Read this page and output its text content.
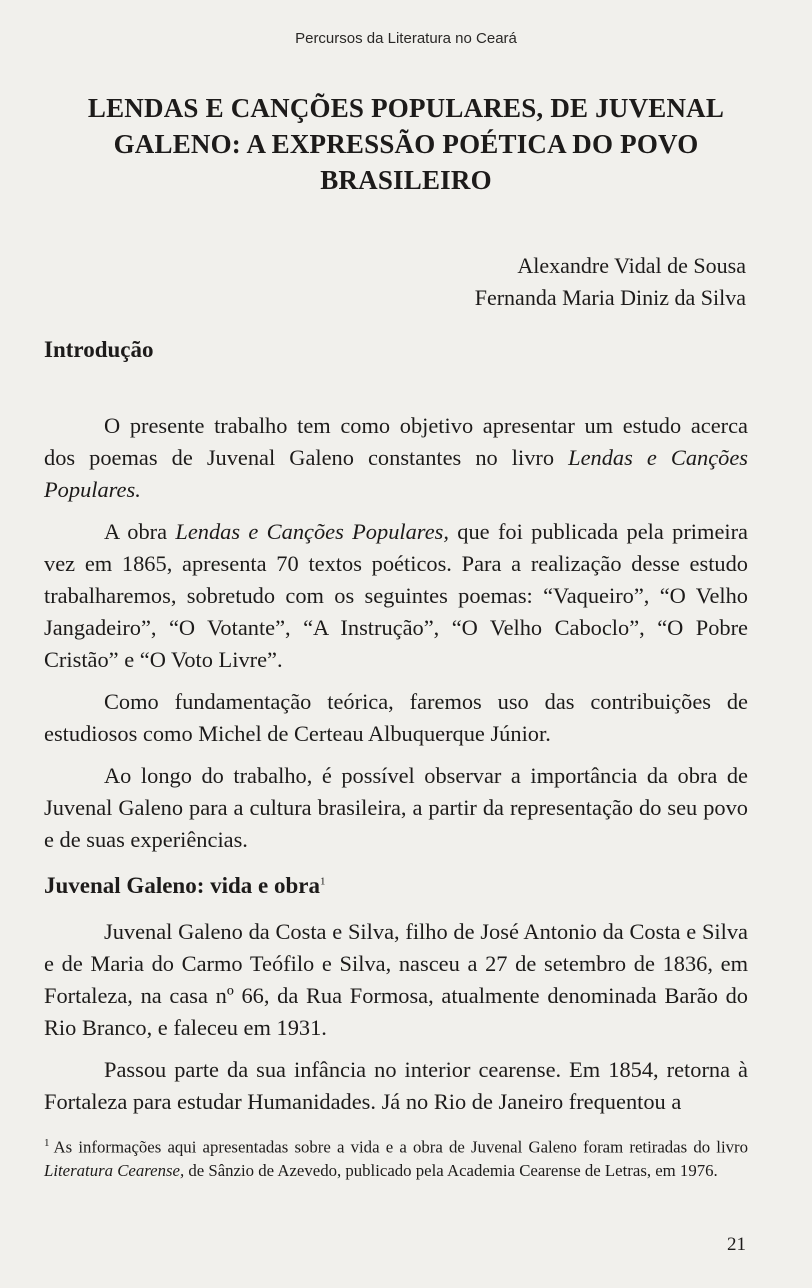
Percursos da Literatura no Ceará
LENDAS E CANÇÕES POPULARES, DE JUVENAL
GALENO: A EXPRESSÃO POÉTICA DO POVO
BRASILEIRO
Alexandre Vidal de Sousa
Fernanda Maria Diniz da Silva
Introdução

O presente trabalho tem como objetivo apresentar um estudo acerca dos poemas de Juvenal Galeno constantes no livro Lendas e Canções Populares.

A obra Lendas e Canções Populares, que foi publicada pela primeira vez em 1865, apresenta 70 textos poéticos. Para a realização desse estudo trabalharemos, sobretudo com os seguintes poemas: “Vaqueiro”, “O Velho Jangadeiro”, “O Votante”, “A Instrução”, “O Velho Caboclo”, “O Pobre Cristão” e “O Voto Livre”.

Como fundamentação teórica, faremos uso das contribuições de estudiosos como Michel de Certeau Albuquerque Júnior.

Ao longo do trabalho, é possível observar a importância da obra de Juvenal Galeno para a cultura brasileira, a partir da representação do seu povo e de suas experiências.

Juvenal Galeno: vida e obra$^1$

Juvenal Galeno da Costa e Silva, filho de José Antonio da Costa e Silva e de Maria do Carmo Teófilo e Silva, nasceu a 27 de setembro de 1836, em Fortaleza, na casa nº 66, da Rua Formosa, atualmente denominada Barão do Rio Branco, e faleceu em 1931.

Passou parte da sua infância no interior cearense. Em 1854, retorna à Fortaleza para estudar Humanidades. Já no Rio de Janeiro frequentou a

$^1$ As informações aqui apresentadas sobre a vida e a obra de Juvenal Galeno foram retiradas do livro Literatura Cearense, de Sânzio de Azevedo, publicado pela Academia Cearense de Letras, em 1976.

21
